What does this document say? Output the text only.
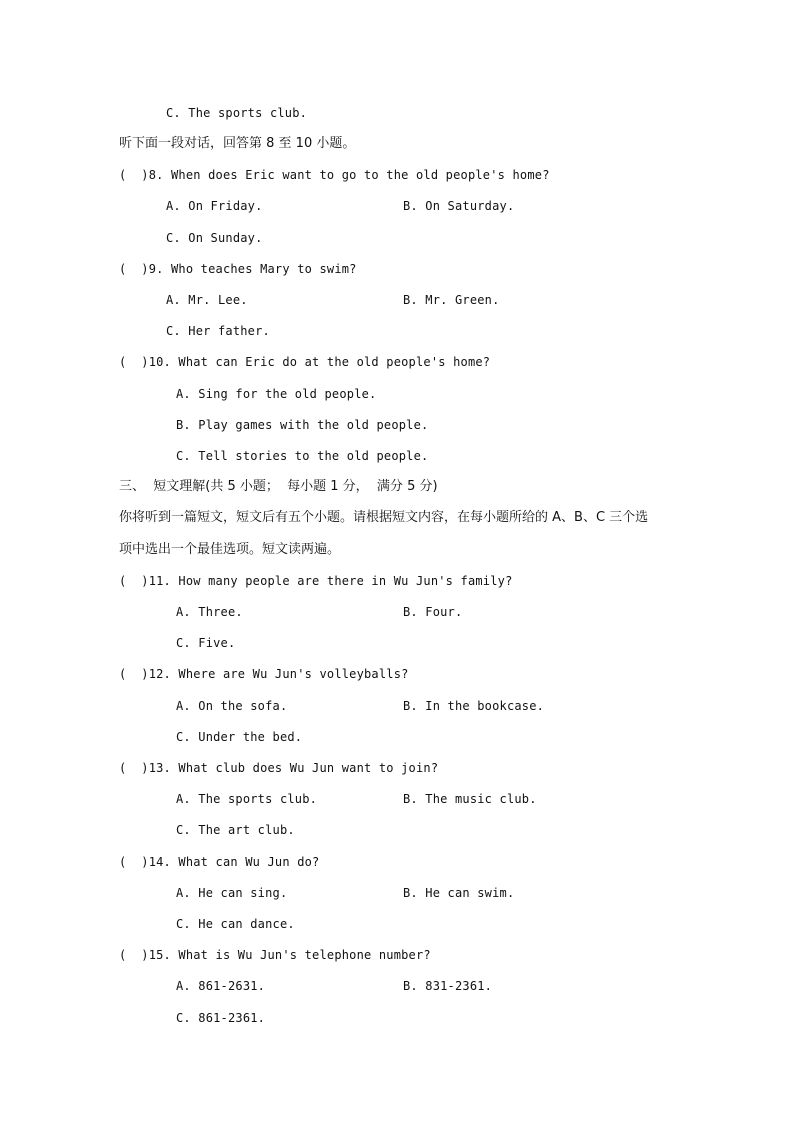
C. The sports club.
听下面一段对话，回答第 8 至 10 小题。
(  )8. When does Eric want to go to the old people's home?
A. On Friday.	B. On Saturday.
C. On Sunday.
(  )9. Who teaches Mary to swim?
A. Mr. Lee.	B. Mr. Green.
C. Her father.
(  )10. What can Eric do at the old people's home?
A. Sing for the old people.
B. Play games with the old people.
C. Tell stories to the old people.
三、  短文理解(共 5 小题；  每小题 1 分，  满分 5 分)
你将听到一篇短文，短文后有五个小题。请根据短文内容，在每小题所给的 A、B、C 三个选
项中选出一个最佳选项。短文读两遍。
(  )11. How many people are there in Wu Jun's family?
A. Three.	B. Four.
C. Five.
(  )12. Where are Wu Jun's volleyballs?
A. On the sofa.	B. In the bookcase.
C. Under the bed.
(  )13. What club does Wu Jun want to join?
A. The sports club.	B. The music club.
C. The art club.
(  )14. What can Wu Jun do?
A. He can sing.	B. He can swim.
C. He can dance.
(  )15. What is Wu Jun's telephone number?
A. 861-2631.	B. 831-2361.
C. 861-2361.
